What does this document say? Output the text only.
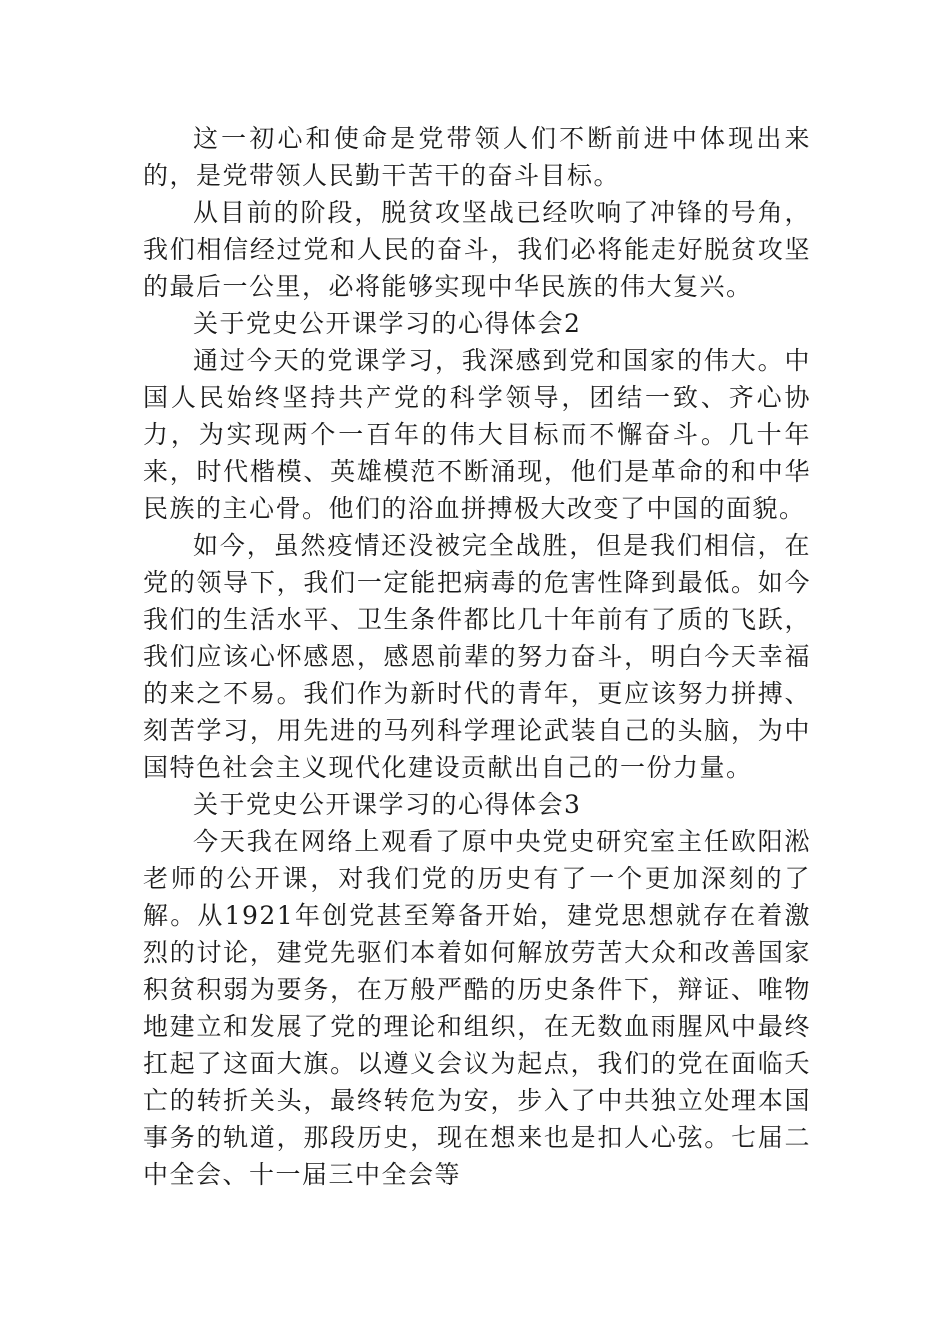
这一初心和使命是党带领人们不断前进中体现出来的，是党带领人民勤干苦干的奋斗目标。

从目前的阶段，脱贫攻坚战已经吹响了冲锋的号角，我们相信经过党和人民的奋斗，我们必将能走好脱贫攻坚的最后一公里，必将能够实现中华民族的伟大复兴。

关于党史公开课学习的心得体会2

通过今天的党课学习，我深感到党和国家的伟大。中国人民始终坚持共产党的科学领导，团结一致、齐心协力，为实现两个一百年的伟大目标而不懈奋斗。几十年来，时代楷模、英雄模范不断涌现，他们是革命的和中华民族的主心骨。他们的浴血拼搏极大改变了中国的面貌。

如今，虽然疫情还没被完全战胜，但是我们相信，在党的领导下，我们一定能把病毒的危害性降到最低。如今我们的生活水平、卫生条件都比几十年前有了质的飞跃，我们应该心怀感恩，感恩前辈的努力奋斗，明白今天幸福的来之不易。我们作为新时代的青年，更应该努力拼搏、刻苦学习，用先进的马列科学理论武装自己的头脑，为中国特色社会主义现代化建设贡献出自己的一份力量。

关于党史公开课学习的心得体会3

今天我在网络上观看了原中央党史研究室主任欧阳淞老师的公开课，对我们党的历史有了一个更加深刻的了解。从1921年创党甚至筹备开始，建党思想就存在着激烈的讨论，建党先驱们本着如何解放劳苦大众和改善国家积贫积弱为要务，在万般严酷的历史条件下，辩证、唯物地建立和发展了党的理论和组织，在无数血雨腥风中最终扛起了这面大旗。以遵义会议为起点，我们的党在面临夭亡的转折关头，最终转危为安，步入了中共独立处理本国事务的轨道，那段历史，现在想来也是扣人心弦。七届二中全会、十一届三中全会等
